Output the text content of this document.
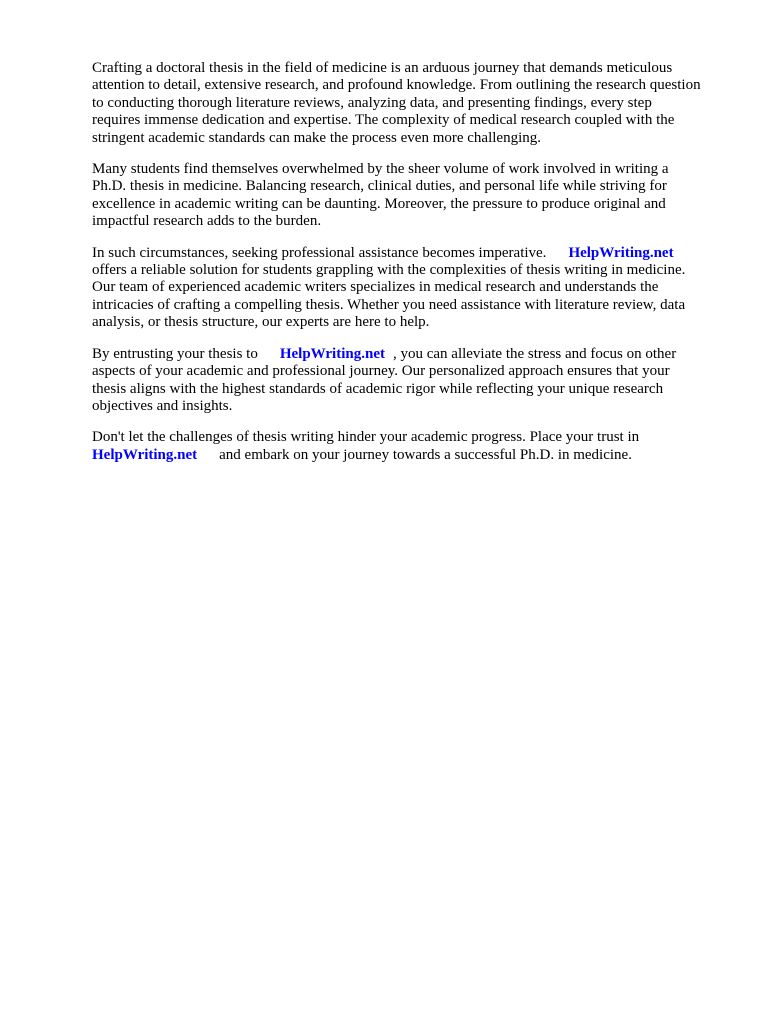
Crafting a doctoral thesis in the field of medicine is an arduous journey that demands meticulous
attention to detail, extensive research, and profound knowledge. From outlining the research question
to conducting thorough literature reviews, analyzing data, and presenting findings, every step
requires immense dedication and expertise. The complexity of medical research coupled with the
stringent academic standards can make the process even more challenging.

Many students find themselves overwhelmed by the sheer volume of work involved in writing a
Ph.D. thesis in medicine. Balancing research, clinical duties, and personal life while striving for
excellence in academic writing can be daunting. Moreover, the pressure to produce original and
impactful research adds to the burden.

In such circumstances, seeking professional assistance becomes imperative. HelpWriting.net
offers a reliable solution for students grappling with the complexities of thesis writing in medicine.
Our team of experienced academic writers specializes in medical research and understands the
intricacies of crafting a compelling thesis. Whether you need assistance with literature review, data
analysis, or thesis structure, our experts are here to help.

By entrusting your thesis to HelpWriting.net , you can alleviate the stress and focus on other
aspects of your academic and professional journey. Our personalized approach ensures that your
thesis aligns with the highest standards of academic rigor while reflecting your unique research
objectives and insights.

Don't let the challenges of thesis writing hinder your academic progress. Place your trust in
HelpWriting.net and embark on your journey towards a successful Ph.D. in medicine.
